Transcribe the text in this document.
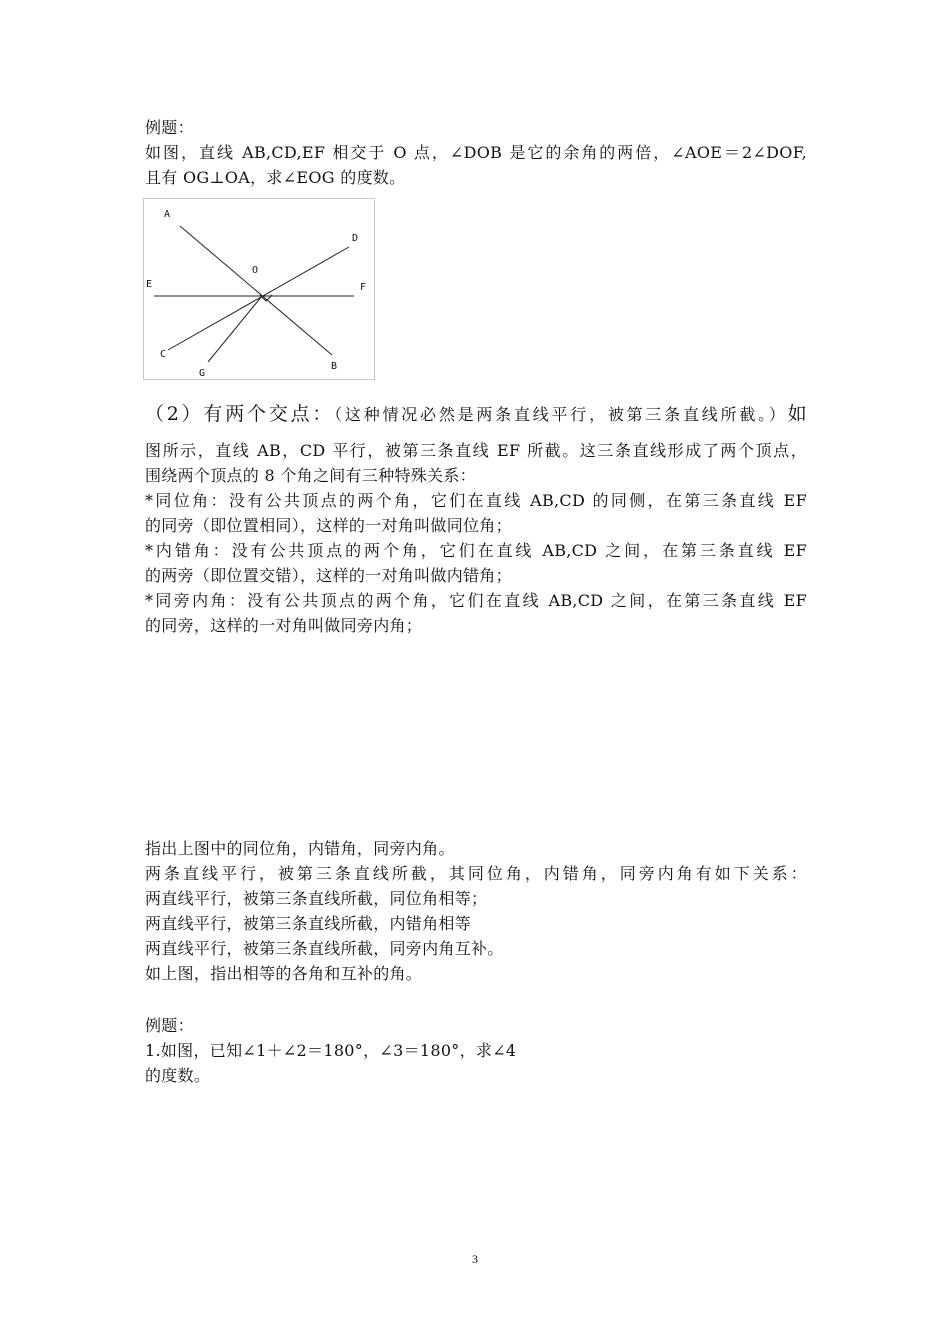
例题：
如图，直线 AB,CD,EF 相交于 O 点，∠DOB 是它的余角的两倍，∠AOE＝2∠DOF,
且有 OG⊥OA，求∠EOG 的度数。
A
D
O
E	F
C
B
G
（2）有两个交点：（这种情况必然是两条直线平行，被第三条直线所截。）如
图所示，直线 AB，CD 平行，被第三条直线 EF 所截。这三条直线形成了两个顶点，
围绕两个顶点的 8 个角之间有三种特殊关系：
*同位角：没有公共顶点的两个角，它们在直线 AB,CD 的同侧，在第三条直线 EF
的同旁（即位置相同），这样的一对角叫做同位角；
*内错角：没有公共顶点的两个角，它们在直线 AB,CD 之间，在第三条直线 EF
的两旁（即位置交错），这样的一对角叫做内错角；
*同旁内角：没有公共顶点的两个角，它们在直线 AB,CD 之间，在第三条直线 EF
的同旁，这样的一对角叫做同旁内角；
指出上图中的同位角，内错角，同旁内角。
两条直线平行，被第三条直线所截，其同位角，内错角，同旁内角有如下关系：
两直线平行，被第三条直线所截，同位角相等；
两直线平行，被第三条直线所截，内错角相等
两直线平行，被第三条直线所截，同旁内角互补。
如上图，指出相等的各角和互补的角。
例题：
1.如图，已知∠1＋∠2＝180°，∠3＝180°，求∠4
的度数。
3
